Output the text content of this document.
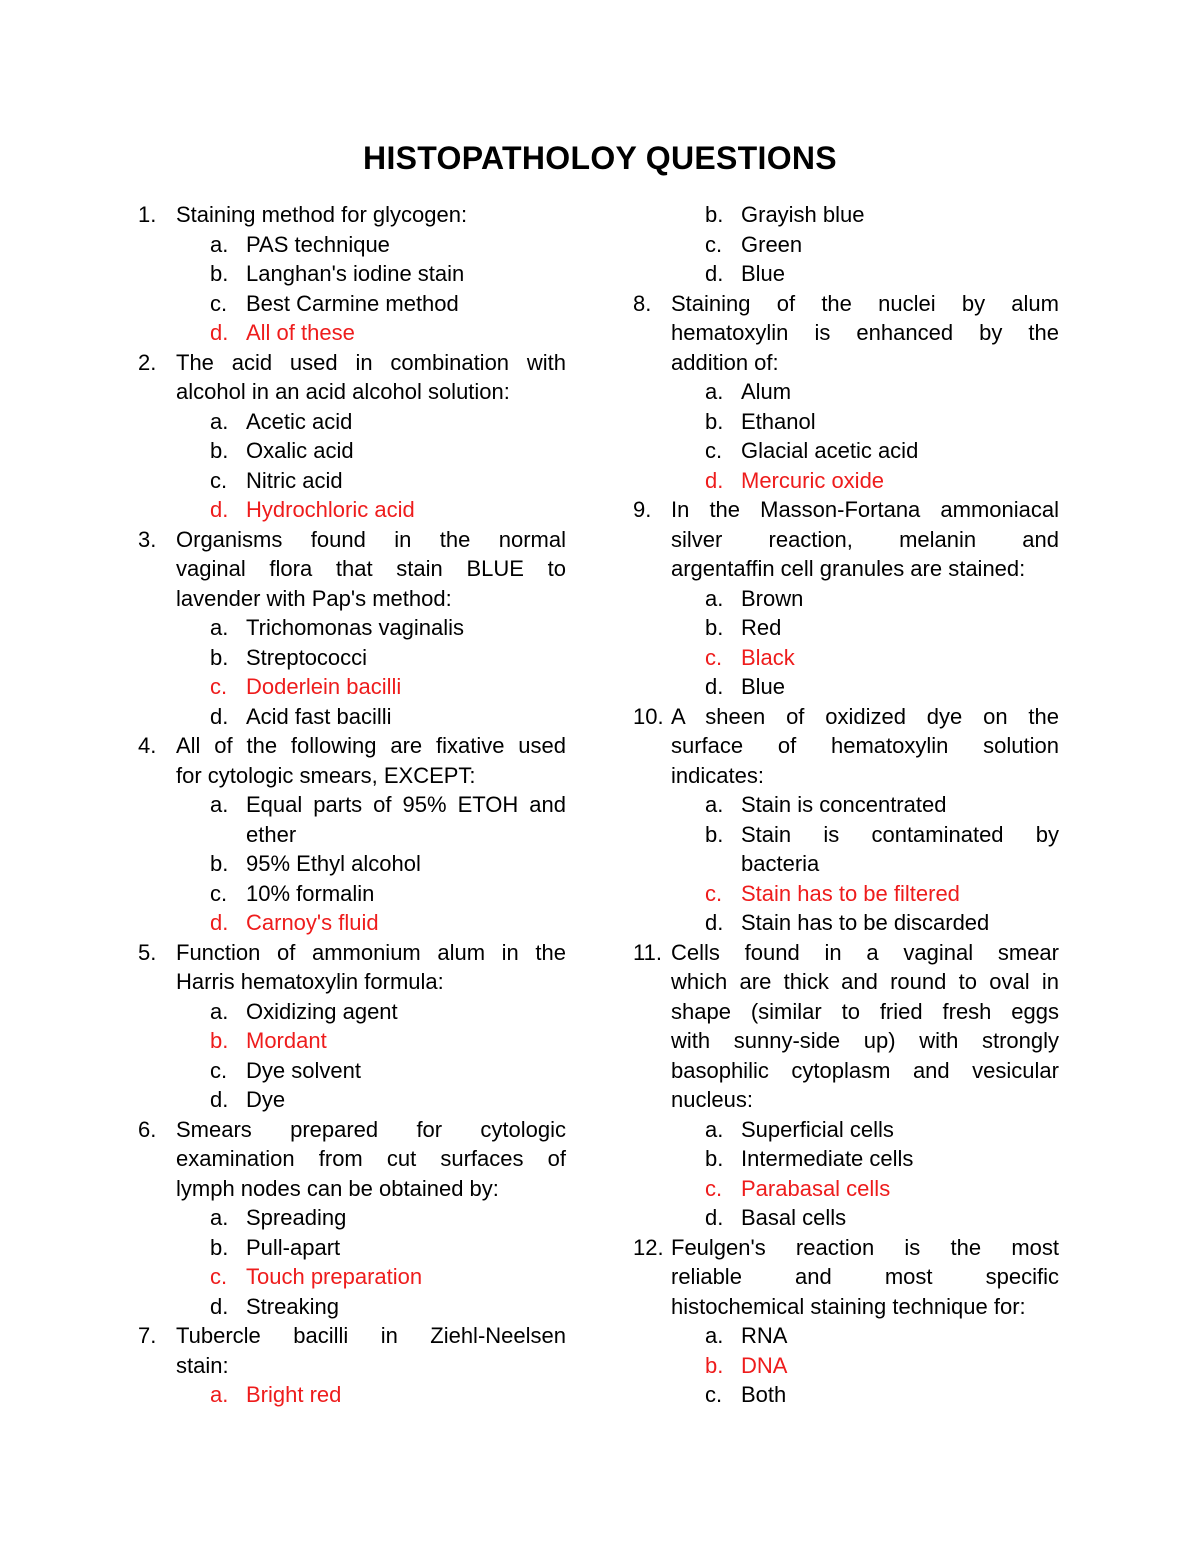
HISTOPATHOLOY QUESTIONS
1. Staining method for glycogen:
a. PAS technique
b. Langhan's iodine stain
c. Best Carmine method
d. All of these
2. The acid used in combination with
alcohol in an acid alcohol solution:
a. Acetic acid
b. Oxalic acid
c. Nitric acid
d. Hydrochloric acid
3. Organisms found in the normal
vaginal flora that stain BLUE to
lavender with Pap's method:
a. Trichomonas vaginalis
b. Streptococci
c. Doderlein bacilli
d. Acid fast bacilli
4. All of the following are fixative used
for cytologic smears, EXCEPT:
a. Equal parts of 95% ETOH and
ether
b. 95% Ethyl alcohol
c. 10% formalin
d. Carnoy's fluid
5. Function of ammonium alum in the
Harris hematoxylin formula:
a. Oxidizing agent
b. Mordant
c. Dye solvent
d. Dye
6. Smears prepared for cytologic
examination from cut surfaces of
lymph nodes can be obtained by:
a. Spreading
b. Pull-apart
c. Touch preparation
d. Streaking
7. Tubercle bacilli in Ziehl-Neelsen
stain:
a. Bright red
b. Grayish blue
c. Green
d. Blue
8. Staining of the nuclei by alum
hematoxylin is enhanced by the
addition of:
a. Alum
b. Ethanol
c. Glacial acetic acid
d. Mercuric oxide
9. In the Masson-Fortana ammoniacal
silver reaction, melanin and
argentaffin cell granules are stained:
a. Brown
b. Red
c. Black
d. Blue
10. A sheen of oxidized dye on the
surface of hematoxylin solution
indicates:
a. Stain is concentrated
b. Stain is contaminated by
bacteria
c. Stain has to be filtered
d. Stain has to be discarded
11. Cells found in a vaginal smear
which are thick and round to oval in
shape (similar to fried fresh eggs
with sunny-side up) with strongly
basophilic cytoplasm and vesicular
nucleus:
a. Superficial cells
b. Intermediate cells
c. Parabasal cells
d. Basal cells
12. Feulgen's reaction is the most
reliable and most specific
histochemical staining technique for:
a. RNA
b. DNA
c. Both
